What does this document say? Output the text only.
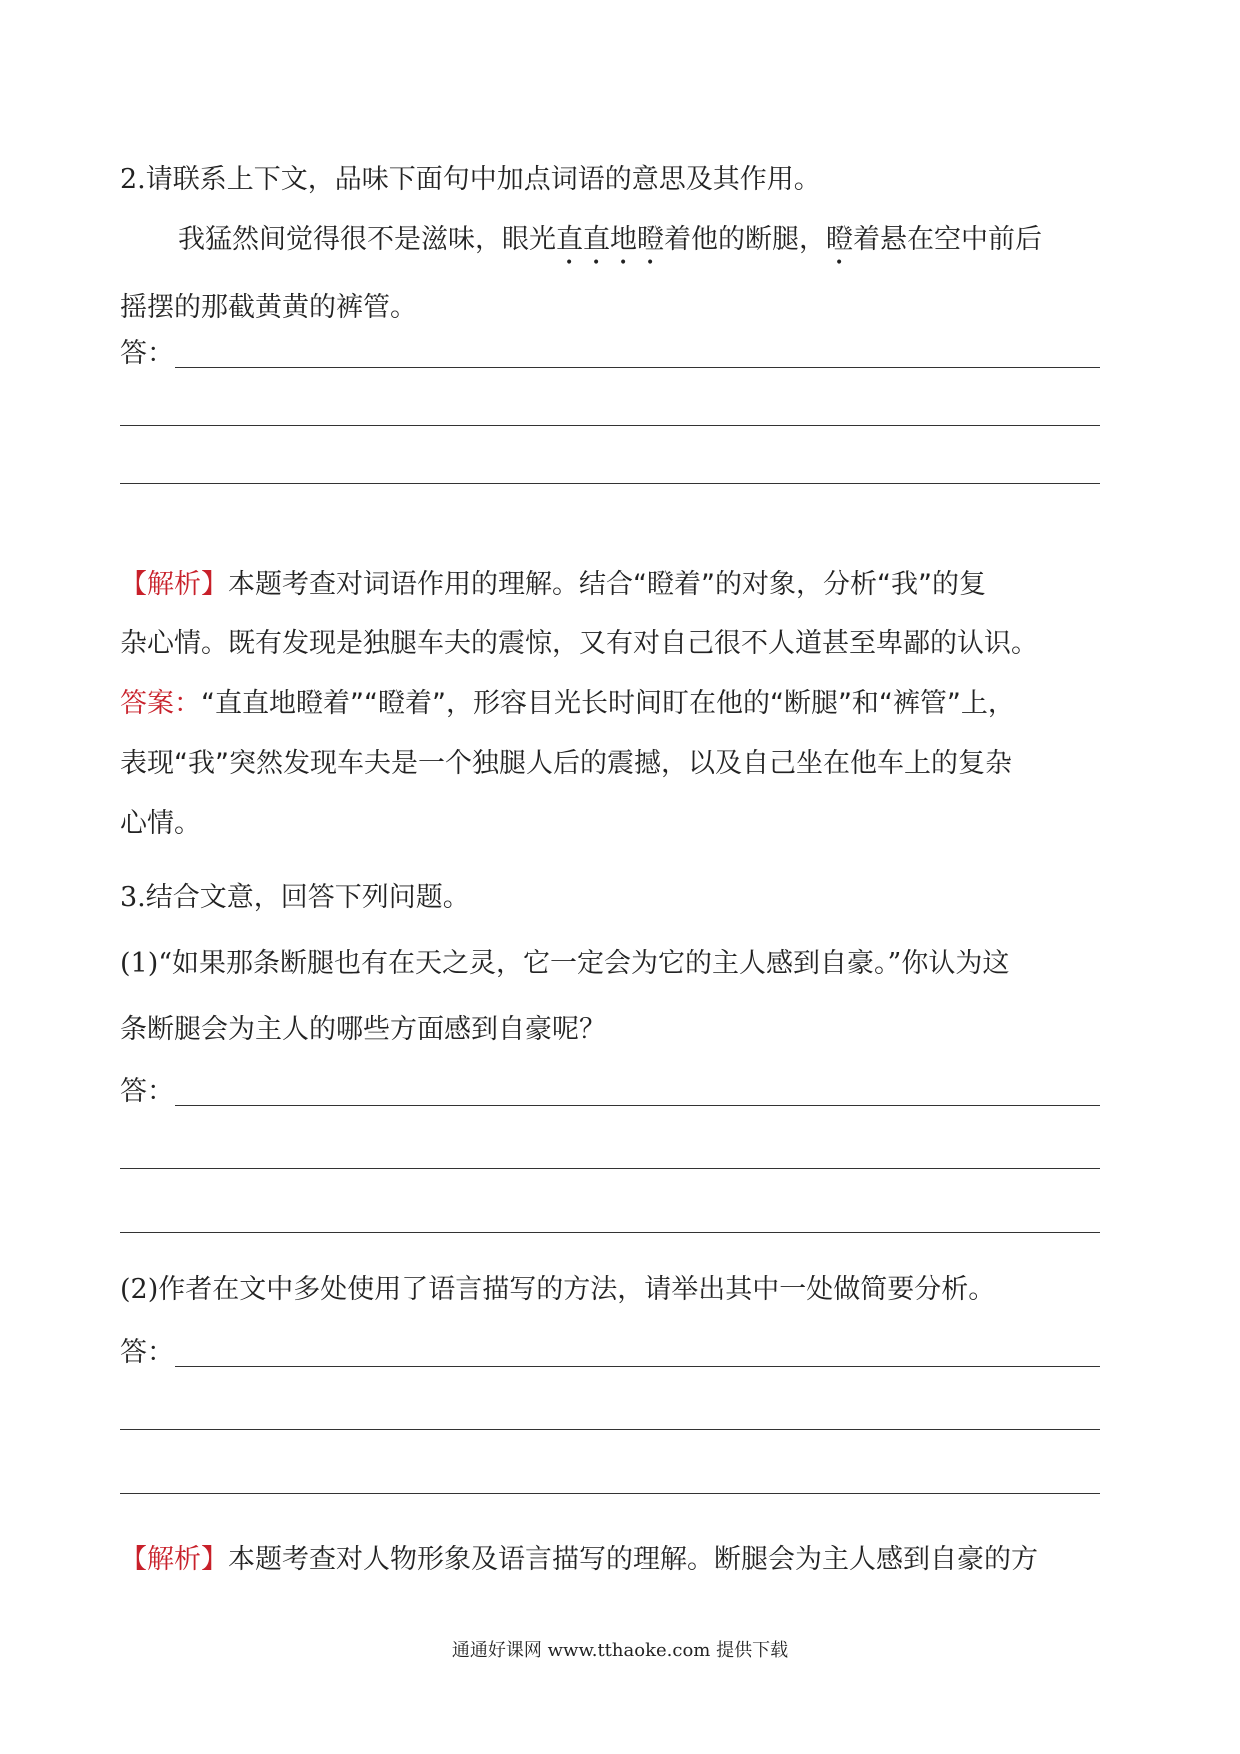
2.请联系上下文，品味下面句中加点词语的意思及其作用。
我猛然间觉得很不是滋味，眼光直直地瞪着他的断腿，瞪着悬在空中前后
摇摆的那截黄黄的裤管。
答：
【解析】本题考查对词语作用的理解。结合“瞪着”的对象，分析“我”的复
杂心情。既有发现是独腿车夫的震惊，又有对自己很不人道甚至卑鄙的认识。
答案：“直直地瞪着”“瞪着”，形容目光长时间盯在他的“断腿”和“裤管”上，
表现“我”突然发现车夫是一个独腿人后的震撼，以及自己坐在他车上的复杂
心情。
3.结合文意，回答下列问题。
(1)“如果那条断腿也有在天之灵，它一定会为它的主人感到自豪。”你认为这
条断腿会为主人的哪些方面感到自豪呢？
答：
(2)作者在文中多处使用了语言描写的方法，请举出其中一处做简要分析。
答：
【解析】本题考查对人物形象及语言描写的理解。断腿会为主人感到自豪的方
通通好课网 www.tthaoke.com 提供下载
